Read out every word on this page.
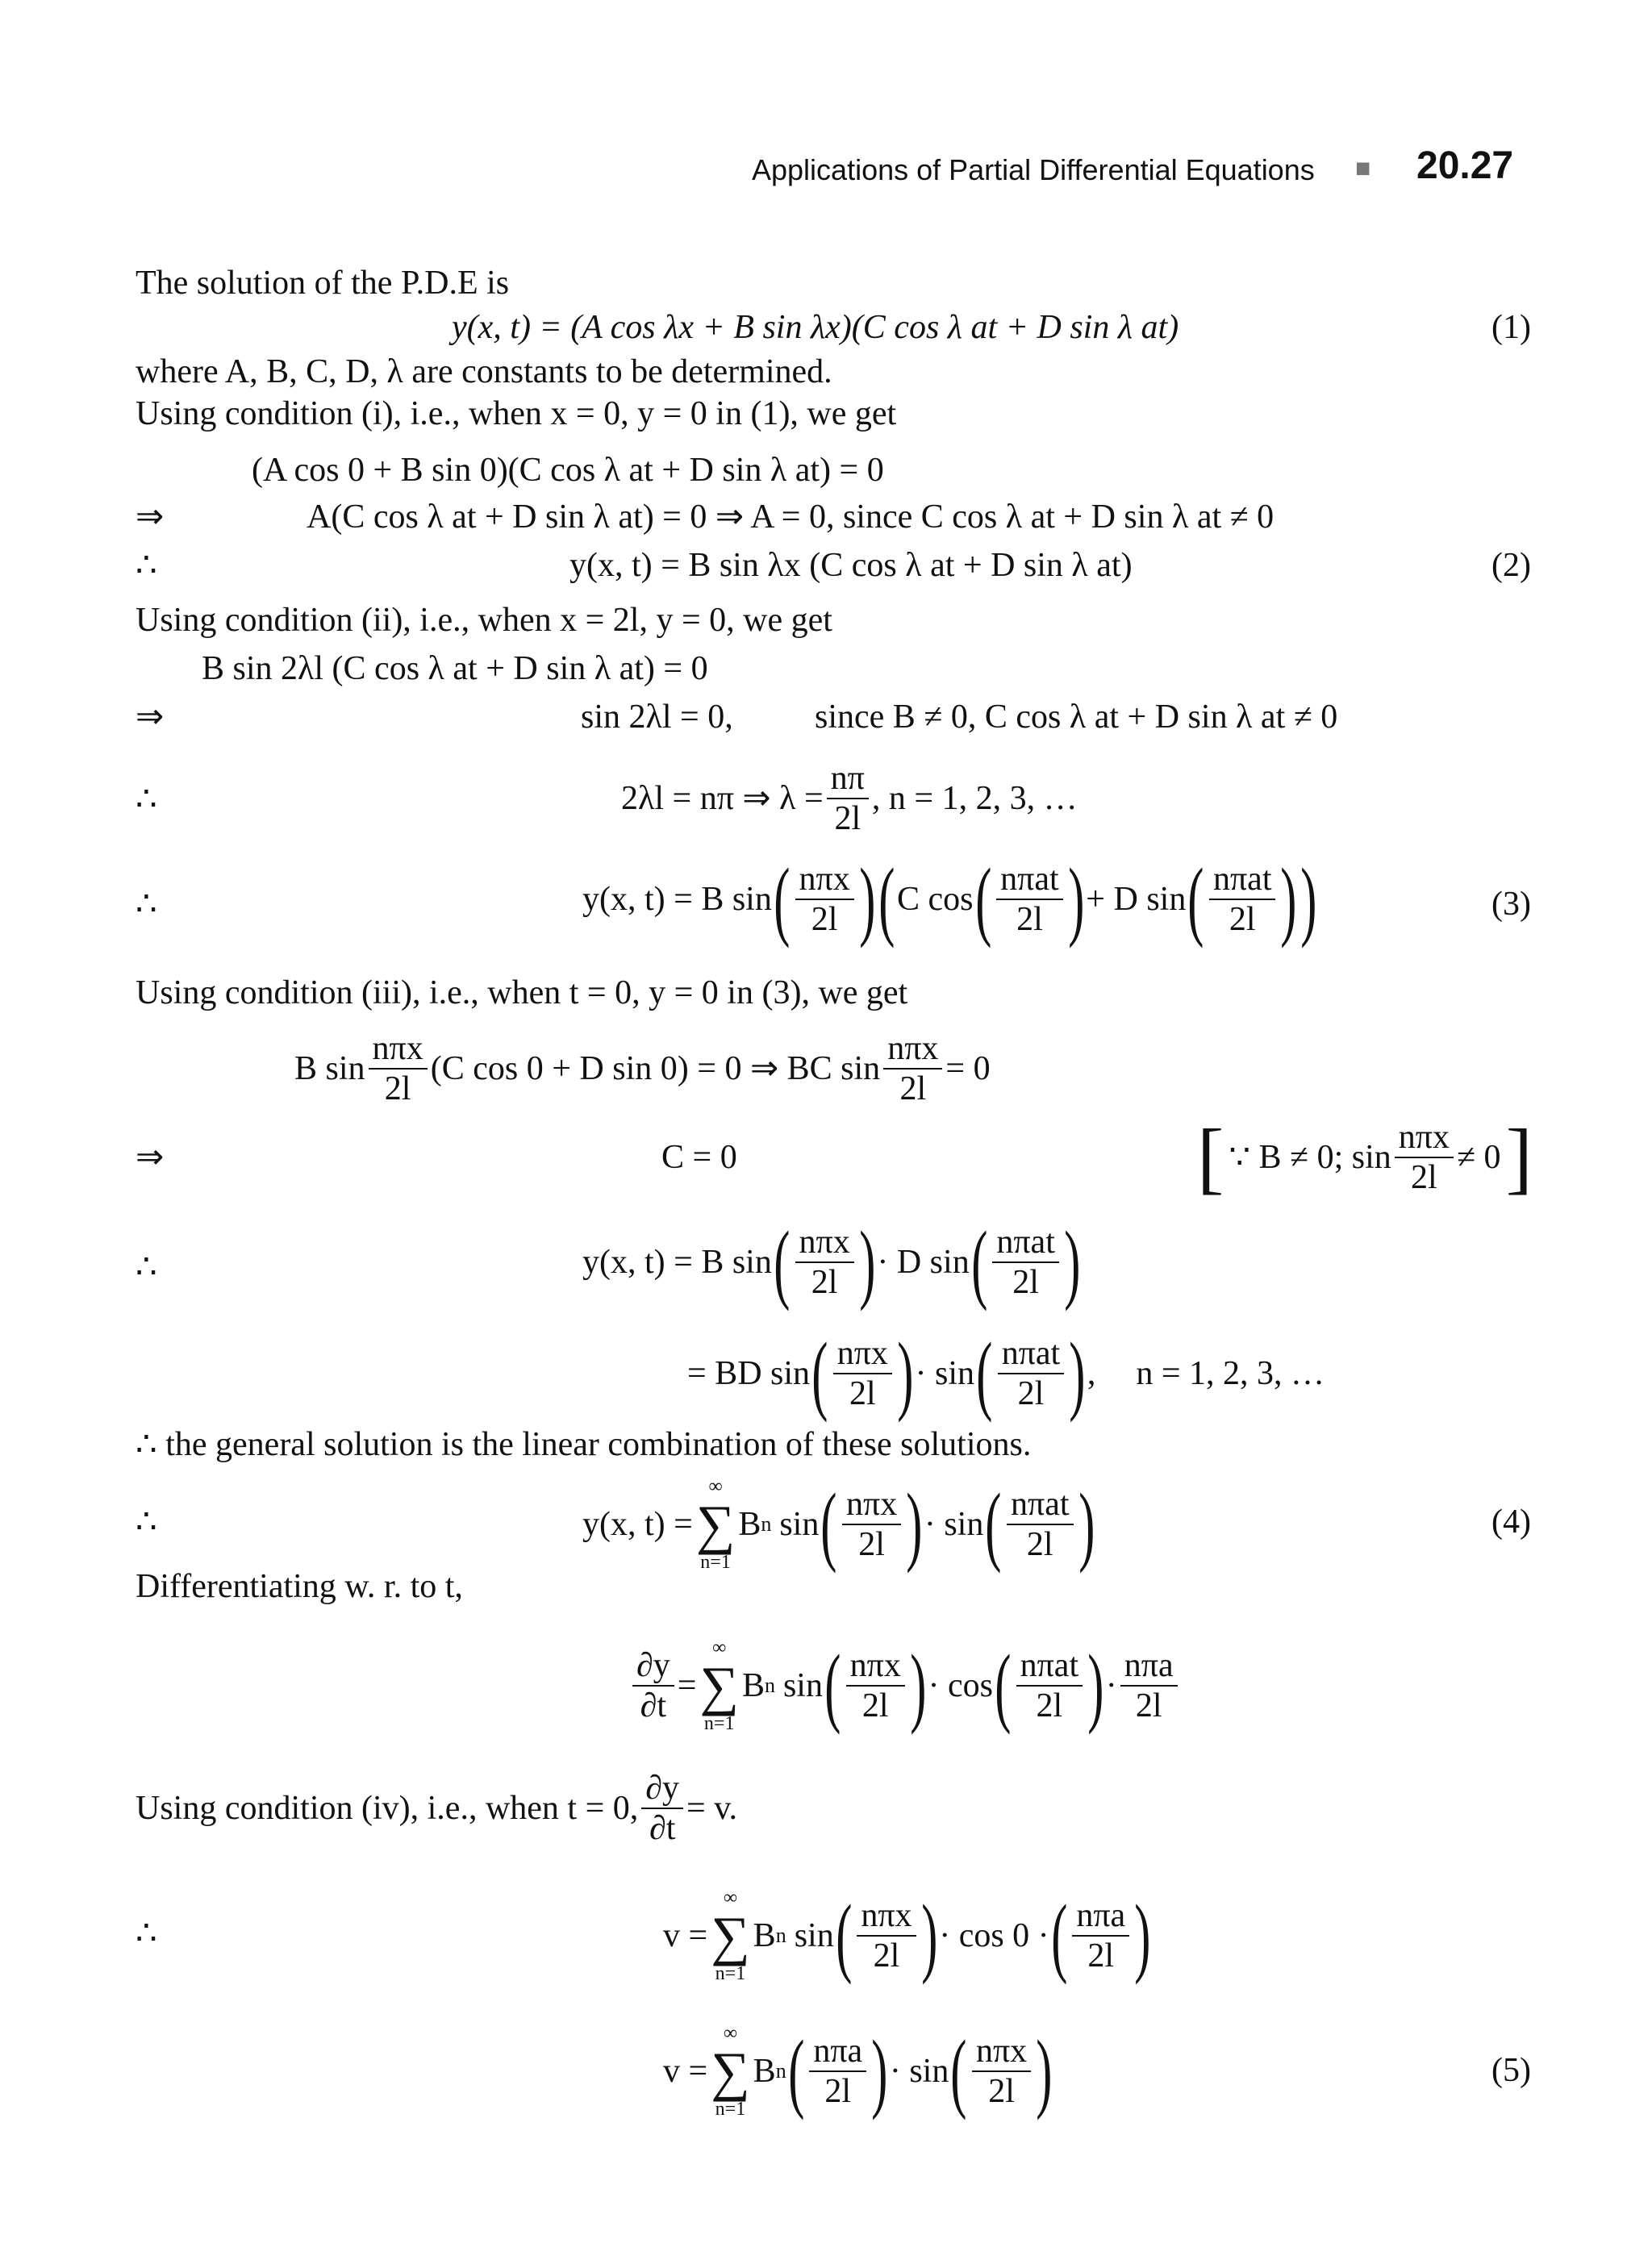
Applications of Partial Differential Equations ■ 20.27
The solution of the P.D.E is
y(x, t) = (A cos λx + B sin λx)(C cos λ at + D sin λ at)	(1)
where A, B, C, D, λ are constants to be determined.
Using condition (i), i.e., when x = 0, y = 0 in (1), we get
(A cos 0 + B sin 0)(C cos λ at + D sin λ at) = 0
⇒	A(C cos λ at + D sin λ at) = 0 ⇒ A = 0, since C cos λ at + D sin λ at ≠ 0
∴	y(x, t) = B sin λx (C cos λ at + D sin λ at)	(2)
Using condition (ii), i.e., when x = 2l, y = 0, we get
B sin 2λl (C cos λ at + D sin λ at) = 0
⇒	sin 2λl = 0, since B ≠ 0, C cos λ at + D sin λ at ≠ 0
∴	2λl = nπ ⇒ $\lambda = \frac{n\pi}{2l}$ , n = 1, 2, 3, …
∴	y(x, t) = B sin ( nπx
2l ) ( C cos ( nπat
2l ) + D sin ( nπat
2l ) )	(3)
Using condition (iii), i.e., when t = 0, y = 0 in (3), we get
B sin
nπx
2l
(C cos 0 + D sin 0) = 0 ⇒ BC sin
nπx
2l
= 0
⇒	C = 0	[ ∵ B ≠ 0; sin
nπx
2l
≠ 0 ]
∴	y(x, t) = B sin ( nπx
2l ) · D sin ( nπat
2l )
= BD sin ( nπx
2l ) · sin ( nπat
2l ) , n = 1, 2, 3, …
∴ the general solution is the linear combination of these solutions.
∴	y(x, t) =
∞
∑
n=1
B n sin ( nπx
2l ) · sin ( nπat
2l )	(4)
Differentiating w. r. to t,
$\frac{\partial y}{\partial t}$ =
∞
∑
n=1
B n sin ( nπx
2l ) · cos ( nπat
2l ) ·
nπa
2l
Using condition (iv), i.e., when t = 0, $\frac{\partial y}{\partial t} = v$.
∴	v =
∞
∑
n=1
B n sin ( nπx
2l ) · cos 0 · ( nπa
2l )
v =
∞
∑
n=1
B n ( nπa
2l ) · sin ( nπx
2l )	(5)
